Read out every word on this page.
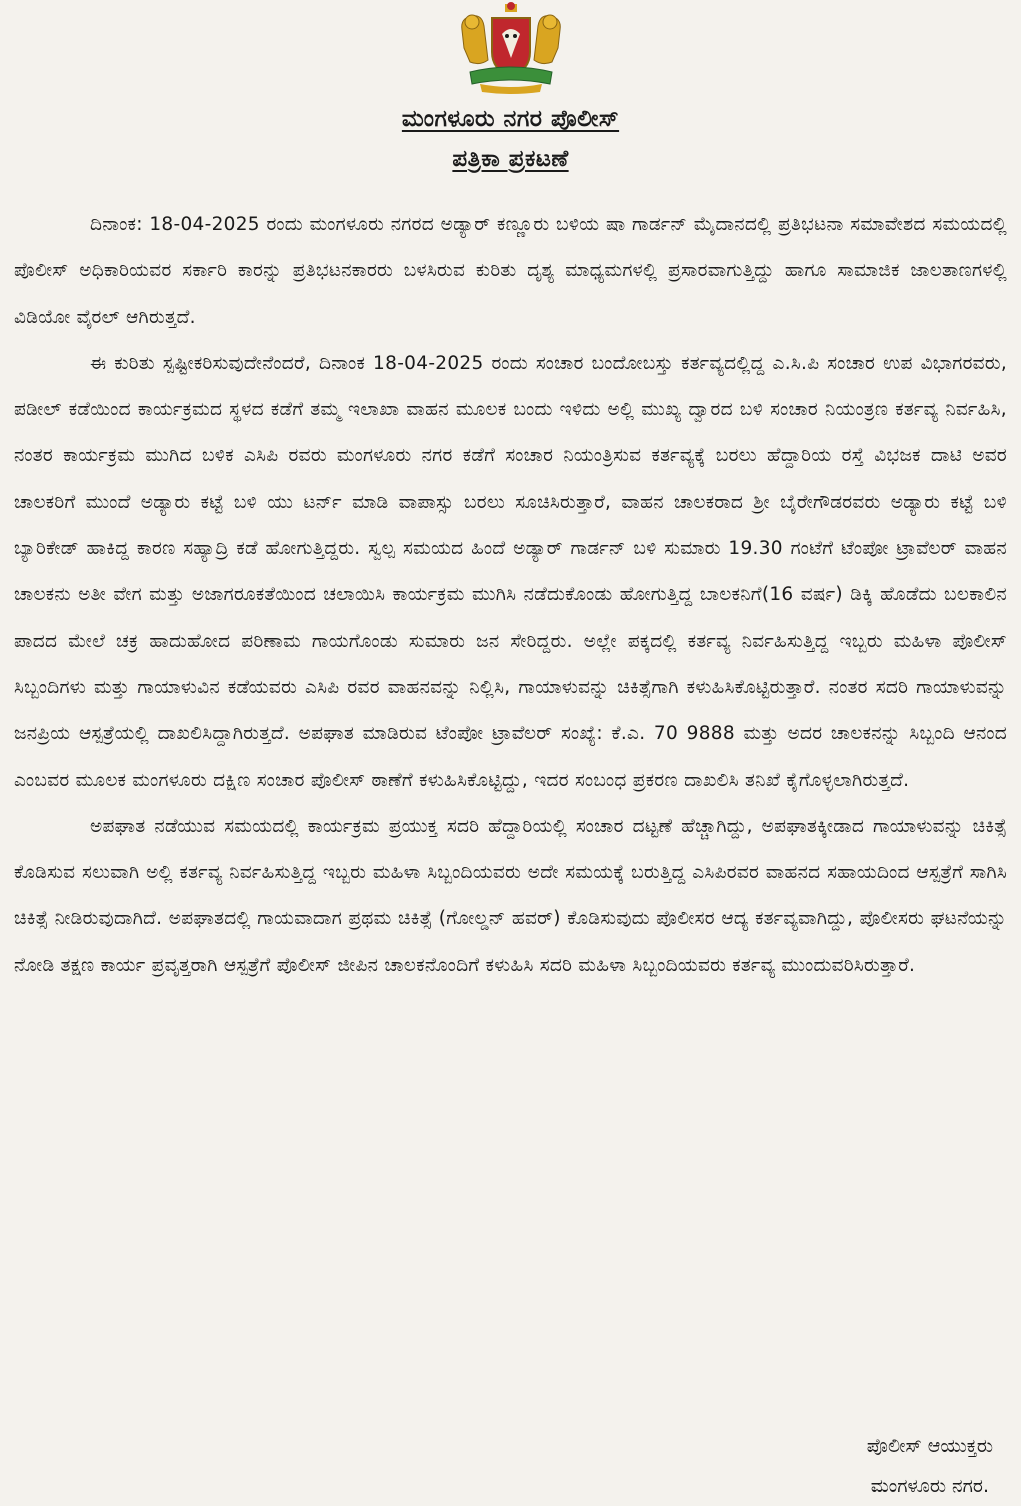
ಮಂಗಳೂರು ನಗರ ಪೊಲೀಸ್
ಪತ್ರಿಕಾ ಪ್ರಕಟಣೆ

ದಿನಾಂಕ: 18-04-2025 ರಂದು ಮಂಗಳೂರು ನಗರದ ಅಡ್ಯಾರ್ ಕಣ್ಣೂರು ಬಳಿಯ ಷಾ ಗಾರ್ಡನ್ ಮೈದಾನದಲ್ಲಿ ಪ್ರತಿಭಟನಾ ಸಮಾವೇಶದ ಸಮಯದಲ್ಲಿ ಪೊಲೀಸ್ ಅಧಿಕಾರಿಯವರ ಸರ್ಕಾರಿ ಕಾರನ್ನು ಪ್ರತಿಭಟನಕಾರರು ಬಳಸಿರುವ ಕುರಿತು ದೃಶ್ಯ ಮಾಧ್ಯಮಗಳಲ್ಲಿ ಪ್ರಸಾರವಾಗುತ್ತಿದ್ದು ಹಾಗೂ ಸಾಮಾಜಿಕ ಜಾಲತಾಣಗಳಲ್ಲಿ ವಿಡಿಯೋ ವೈರಲ್ ಆಗಿರುತ್ತದೆ.

ಈ ಕುರಿತು ಸ್ಪಷ್ಟೀಕರಿಸುವುದೇನೆಂದರೆ, ದಿನಾಂಕ 18-04-2025 ರಂದು ಸಂಚಾರ ಬಂದೋಬಸ್ತು ಕರ್ತವ್ಯದಲ್ಲಿದ್ದ ಎ.ಸಿ.ಪಿ ಸಂಚಾರ ಉಪ ವಿಭಾಗರವರು, ಪಡೀಲ್ ಕಡೆಯಿಂದ ಕಾರ್ಯಕ್ರಮದ ಸ್ಥಳದ ಕಡೆಗೆ ತಮ್ಮ ಇಲಾಖಾ ವಾಹನ ಮೂಲಕ ಬಂದು ಇಳಿದು ಅಲ್ಲಿ ಮುಖ್ಯ ದ್ವಾರದ ಬಳಿ ಸಂಚಾರ ನಿಯಂತ್ರಣ ಕರ್ತವ್ಯ ನಿರ್ವಹಿಸಿ, ನಂತರ ಕಾರ್ಯಕ್ರಮ ಮುಗಿದ ಬಳಿಕ ಎಸಿಪಿ ರವರು ಮಂಗಳೂರು ನಗರ ಕಡೆಗೆ ಸಂಚಾರ ನಿಯಂತ್ರಿಸುವ ಕರ್ತವ್ಯಕ್ಕೆ ಬರಲು ಹೆದ್ದಾರಿಯ ರಸ್ತೆ ವಿಭಜಕ ದಾಟಿ ಅವರ ಚಾಲಕರಿಗೆ ಮುಂದೆ ಅಡ್ಯಾರು ಕಟ್ಟೆ ಬಳಿ ಯು ಟರ್ನ್ ಮಾಡಿ ವಾಪಾಸ್ಸು ಬರಲು ಸೂಚಿಸಿರುತ್ತಾರೆ, ವಾಹನ ಚಾಲಕರಾದ ಶ್ರೀ ಬೈರೇಗೌಡರವರು ಅಡ್ಯಾರು ಕಟ್ಟೆ ಬಳಿ ಬ್ಯಾರಿಕೇಡ್ ಹಾಕಿದ್ದ ಕಾರಣ ಸಹ್ಯಾದ್ರಿ ಕಡೆ ಹೋಗುತ್ತಿದ್ದರು. ಸ್ವಲ್ಪ ಸಮಯದ ಹಿಂದೆ ಅಡ್ಯಾರ್ ಗಾರ್ಡನ್ ಬಳಿ ಸುಮಾರು 19.30 ಗಂಟೆಗೆ ಟೆಂಪೋ ಟ್ರಾವೆಲರ್ ವಾಹನ ಚಾಲಕನು ಅತೀ ವೇಗ ಮತ್ತು ಅಜಾಗರೂಕತೆಯಿಂದ ಚಲಾಯಿಸಿ ಕಾರ್ಯಕ್ರಮ ಮುಗಿಸಿ ನಡೆದುಕೊಂಡು ಹೋಗುತ್ತಿದ್ದ ಬಾಲಕನಿಗೆ(16 ವರ್ಷ) ಡಿಕ್ಕಿ ಹೊಡೆದು ಬಲಕಾಲಿನ ಪಾದದ ಮೇಲೆ ಚಕ್ರ ಹಾದುಹೋದ ಪರಿಣಾಮ ಗಾಯಗೊಂಡು ಸುಮಾರು ಜನ ಸೇರಿದ್ದರು. ಅಲ್ಲೇ ಪಕ್ಕದಲ್ಲಿ ಕರ್ತವ್ಯ ನಿರ್ವಹಿಸುತ್ತಿದ್ದ ಇಬ್ಬರು ಮಹಿಳಾ ಪೊಲೀಸ್ ಸಿಬ್ಬಂದಿಗಳು ಮತ್ತು ಗಾಯಾಳುವಿನ ಕಡೆಯವರು ಎಸಿಪಿ ರವರ ವಾಹನವನ್ನು ನಿಲ್ಲಿಸಿ, ಗಾಯಾಳುವನ್ನು ಚಿಕಿತ್ಸೆಗಾಗಿ ಕಳುಹಿಸಿಕೊಟ್ಟಿರುತ್ತಾರೆ. ನಂತರ ಸದರಿ ಗಾಯಾಳುವನ್ನು ಜನಪ್ರಿಯ ಆಸ್ಪತ್ರೆಯಲ್ಲಿ ದಾಖಲಿಸಿದ್ದಾಗಿರುತ್ತದೆ. ಅಪಘಾತ ಮಾಡಿರುವ ಟೆಂಪೋ ಟ್ರಾವೆಲರ್ ಸಂಖ್ಯೆ: ಕೆ.ಎ. 70 9888 ಮತ್ತು ಅದರ ಚಾಲಕನನ್ನು ಸಿಬ್ಬಂದಿ ಆನಂದ ಎಂಬವರ ಮೂಲಕ ಮಂಗಳೂರು ದಕ್ಷಿಣ ಸಂಚಾರ ಪೊಲೀಸ್ ಠಾಣೆಗೆ ಕಳುಹಿಸಿಕೊಟ್ಟಿದ್ದು, ಇದರ ಸಂಬಂಧ ಪ್ರಕರಣ ದಾಖಲಿಸಿ ತನಿಖೆ ಕೈಗೊಳ್ಳಲಾಗಿರುತ್ತದೆ.

ಅಪಘಾತ ನಡೆಯುವ ಸಮಯದಲ್ಲಿ ಕಾರ್ಯಕ್ರಮ ಪ್ರಯುಕ್ತ ಸದರಿ ಹೆದ್ದಾರಿಯಲ್ಲಿ ಸಂಚಾರ ದಟ್ಟಣೆ ಹೆಚ್ಚಾಗಿದ್ದು, ಅಪಘಾತಕ್ಕೀಡಾದ ಗಾಯಾಳುವನ್ನು ಚಿಕಿತ್ಸೆ ಕೊಡಿಸುವ ಸಲುವಾಗಿ ಅಲ್ಲಿ ಕರ್ತವ್ಯ ನಿರ್ವಹಿಸುತ್ತಿದ್ದ ಇಬ್ಬರು ಮಹಿಳಾ ಸಿಬ್ಬಂದಿಯವರು ಅದೇ ಸಮಯಕ್ಕೆ ಬರುತ್ತಿದ್ದ ಎಸಿಪಿರವರ ವಾಹನದ ಸಹಾಯದಿಂದ ಆಸ್ಪತ್ರೆಗೆ ಸಾಗಿಸಿ ಚಿಕಿತ್ಸೆ ನೀಡಿರುವುದಾಗಿದೆ. ಅಪಘಾತದಲ್ಲಿ ಗಾಯವಾದಾಗ ಪ್ರಥಮ ಚಿಕಿತ್ಸೆ (ಗೋಲ್ಡನ್ ಹವರ್) ಕೊಡಿಸುವುದು ಪೊಲೀಸರ ಆದ್ಯ ಕರ್ತವ್ಯವಾಗಿದ್ದು, ಪೊಲೀಸರು ಘಟನೆಯನ್ನು ನೋಡಿ ತಕ್ಷಣ ಕಾರ್ಯ ಪ್ರವೃತ್ತರಾಗಿ ಆಸ್ಪತ್ರೆಗೆ ಪೊಲೀಸ್ ಜೀಪಿನ ಚಾಲಕನೊಂದಿಗೆ ಕಳುಹಿಸಿ ಸದರಿ ಮಹಿಳಾ ಸಿಬ್ಬಂದಿಯವರು ಕರ್ತವ್ಯ ಮುಂದುವರಿಸಿರುತ್ತಾರೆ.

ಪೊಲೀಸ್ ಆಯುಕ್ತರು
ಮಂಗಳೂರು ನಗರ.
